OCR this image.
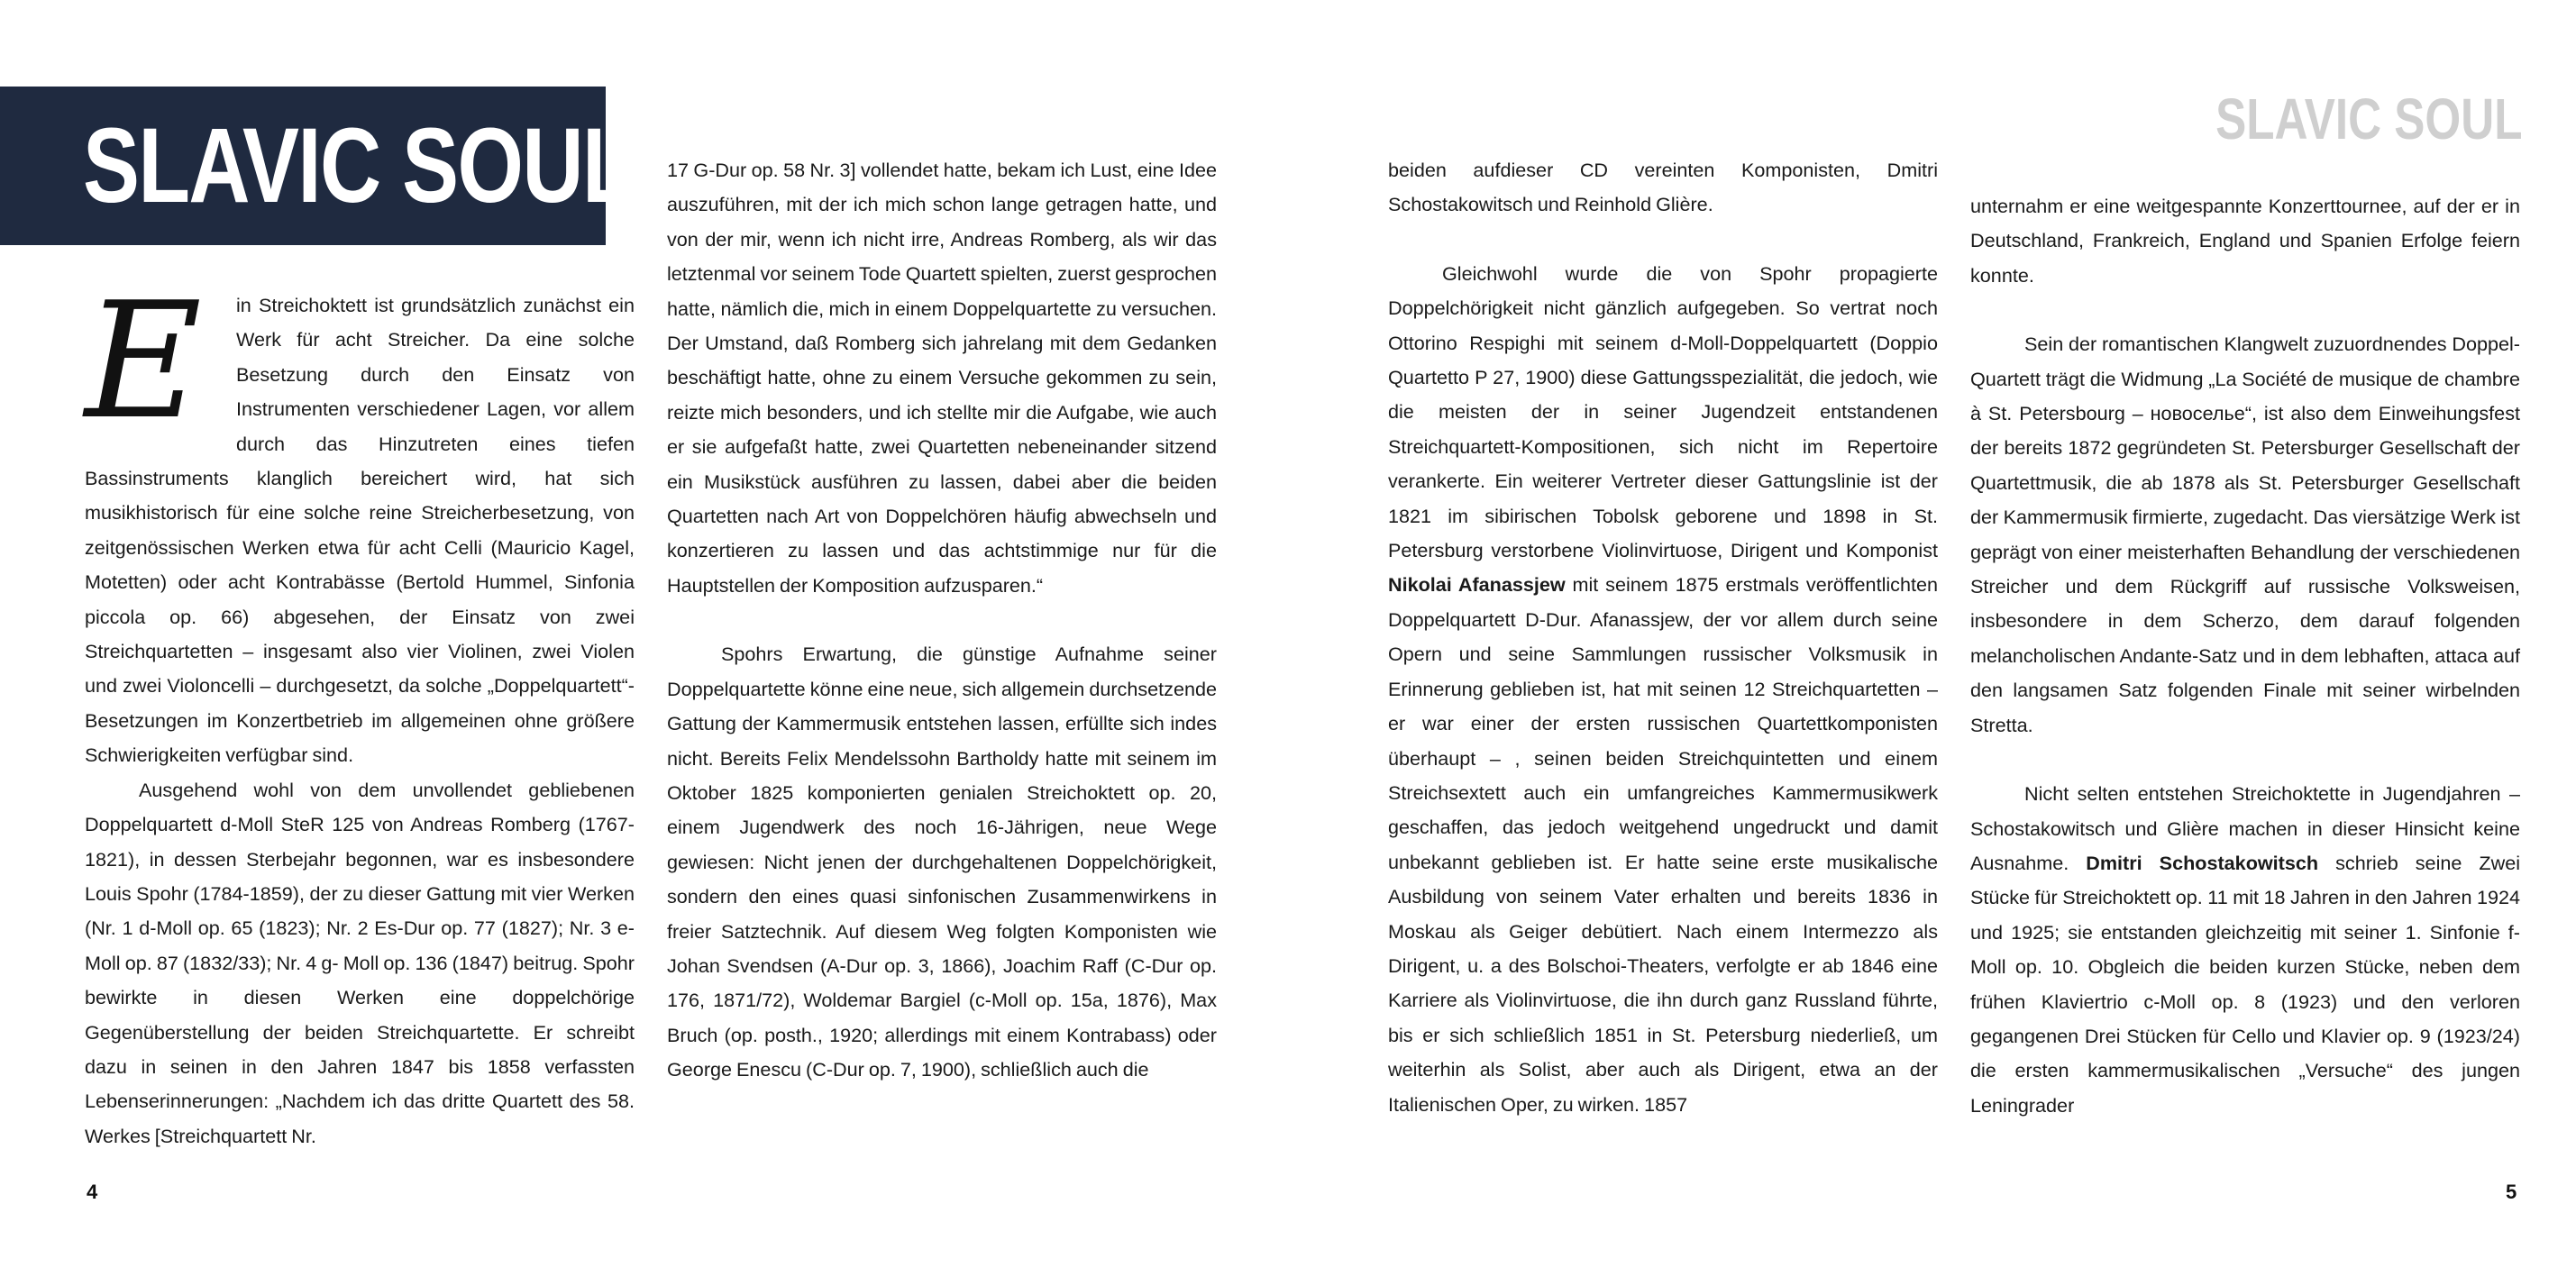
SLAVIC SOUL

E	in Streichoktett ist grundsätzlich zunächst ein Werk für acht Streicher. Da eine solche Besetzung durch den Einsatz von Instrumenten verschiedener Lagen, vor allem durch das Hinzutreten eines tiefen Bassinstruments klanglich bereichert wird, hat sich musikhistorisch für eine solche reine Streicherbesetzung, von zeitgenössischen Werken etwa für acht Celli (Mauricio Kagel, Motetten) oder acht Kontrabässe (Bertold Hummel, Sinfonia piccola op. 66) abgesehen, der Einsatz von zwei Streichquartetten – insgesamt also vier Violinen, zwei Violen und zwei Violoncelli – durchgesetzt, da solche „Doppelquartett“-Besetzungen im Konzertbetrieb im allgemeinen ohne größere Schwierigkeiten verfügbar sind.

Ausgehend wohl von dem unvollendet gebliebenen Doppelquartett d-Moll SteR 125 von Andreas Romberg (1767-1821), in dessen Sterbejahr begonnen, war es insbesondere Louis Spohr (1784-1859), der zu dieser Gattung mit vier Werken (Nr. 1 d-Moll op. 65 (1823); Nr. 2 Es-Dur op. 77 (1827); Nr. 3 e-Moll op. 87 (1832/33); Nr. 4 g- Moll op. 136 (1847) beitrug. Spohr bewirkte in diesen Werken eine doppelchörige Gegenüberstellung der beiden Streichquartette. Er schreibt dazu in seinen in den Jahren 1847 bis 1858 verfassten Lebenserinnerungen: „Nachdem ich das dritte Quartett des 58. Werkes [Streichquartett Nr.

17 G-Dur op. 58 Nr. 3] vollendet hatte, bekam ich Lust, eine Idee auszuführen, mit der ich mich schon lange getragen hatte, und von der mir, wenn ich nicht irre, Andreas Romberg, als wir das letztenmal vor seinem Tode Quartett spielten, zuerst gesprochen hatte, nämlich die, mich in einem Doppelquartette zu versuchen. Der Umstand, daß Romberg sich jahrelang mit dem Gedanken beschäftigt hatte, ohne zu einem Versuche gekommen zu sein, reizte mich besonders, und ich stellte mir die Aufgabe, wie auch er sie aufgefaßt hatte, zwei Quartetten nebeneinander sitzend ein Musikstück ausführen zu lassen, dabei aber die beiden Quartetten nach Art von Doppelchören häufig abwechseln und konzertieren zu lassen und das achtstimmige nur für die Hauptstellen der Komposition aufzusparen.“

Spohrs Erwartung, die günstige Aufnahme seiner Doppelquartette könne eine neue, sich allgemein durchsetzende Gattung der Kammermusik entstehen lassen, erfüllte sich indes nicht. Bereits Felix Mendelssohn Bartholdy hatte mit seinem im Oktober 1825 komponierten genialen Streichoktett op. 20, einem Jugendwerk des noch 16-Jährigen, neue Wege gewiesen: Nicht jenen der durchgehaltenen Doppelchörigkeit, sondern den eines quasi sinfonischen Zusammenwirkens in freier Satztechnik. Auf diesem Weg folgten Komponisten wie Johan Svendsen (A-Dur op. 3, 1866), Joachim Raff (C-Dur op. 176, 1871/72), Woldemar Bargiel (c-Moll op. 15a, 1876), Max Bruch (op. posth., 1920; allerdings mit einem Kontrabass) oder George Enescu (C-Dur op. 7, 1900), schließlich auch die

4
SLAVIC SOUL

beiden aufdieser CD vereinten Komponisten, Dmitri Schostakowitsch und Reinhold Glière.

Gleichwohl wurde die von Spohr propagierte Doppelchörigkeit nicht gänzlich aufgegeben. So vertrat noch Ottorino Respighi mit seinem d-Moll-Doppelquartett (Doppio Quartetto P 27, 1900) diese Gattungsspezialität, die jedoch, wie die meisten der in seiner Jugendzeit entstandenen Streichquartett-Kompositionen, sich nicht im Repertoire verankerte. Ein weiterer Vertreter dieser Gattungslinie ist der 1821 im sibirischen Tobolsk geborene und 1898 in St. Petersburg verstorbene Violinvirtuose, Dirigent und Komponist Nikolai Afanassjew mit seinem 1875 erstmals veröffentlichten Doppelquartett D-Dur. Afanassjew, der vor allem durch seine Opern und seine Sammlungen russischer Volksmusik in Erinnerung geblieben ist, hat mit seinen 12 Streichquartetten – er war einer der ersten russischen Quartettkomponisten überhaupt – , seinen beiden Streichquintetten und einem Streichsextett auch ein umfangreiches Kammermusikwerk geschaffen, das jedoch weitgehend ungedruckt und damit unbekannt geblieben ist. Er hatte seine erste musikalische Ausbildung von seinem Vater erhalten und bereits 1836 in Moskau als Geiger debütiert. Nach einem Intermezzo als Dirigent, u. a des Bolschoi-Theaters, verfolgte er ab 1846 eine Karriere als Violinvirtuose, die ihn durch ganz Russland führte, bis er sich schließlich 1851 in St. Petersburg niederließ, um weiterhin als Solist, aber auch als Dirigent, etwa an der Italienischen Oper, zu wirken. 1857

unternahm er eine weitgespannte Konzerttournee, auf der er in Deutschland, Frankreich, England und Spanien Erfolge feiern konnte.

Sein der romantischen Klangwelt zuzuordnendes Doppel-Quartett trägt die Widmung „La Société de musique de chambre à St. Petersbourg – новоселье“, ist also dem Einweihungsfest der bereits 1872 gegründeten St. Petersburger Gesellschaft der Quartettmusik, die ab 1878 als St. Petersburger Gesellschaft der Kammermusik firmierte, zugedacht. Das viersätzige Werk ist geprägt von einer meisterhaften Behandlung der verschiedenen Streicher und dem Rückgriff auf russische Volksweisen, insbesondere in dem Scherzo, dem darauf folgenden melancholischen Andante-Satz und in dem lebhaften, attaca auf den langsamen Satz folgenden Finale mit seiner wirbelnden Stretta.

Nicht selten entstehen Streichoktette in Jugendjahren – Schostakowitsch und Glière machen in dieser Hinsicht keine Ausnahme. Dmitri Schostakowitsch schrieb seine Zwei Stücke für Streichoktett op. 11 mit 18 Jahren in den Jahren 1924 und 1925; sie entstanden gleichzeitig mit seiner 1. Sinfonie f-Moll op. 10. Obgleich die beiden kurzen Stücke, neben dem frühen Klaviertrio c-Moll op. 8 (1923) und den verloren gegangenen Drei Stücken für Cello und Klavier op. 9 (1923/24) die ersten kammermusikalischen „Versuche“ des jungen Leningrader

5
